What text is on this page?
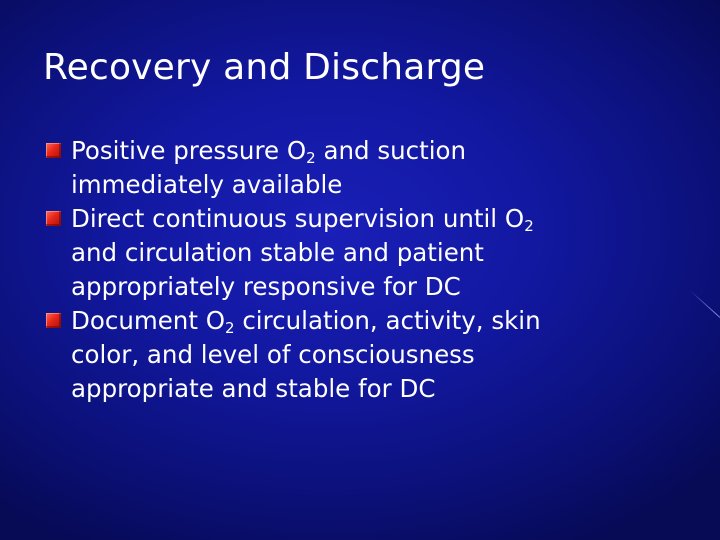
Recovery and Discharge
Positive pressure $O_2$ and suction
immediately available
Direct continuous supervision until $O_2$
and circulation stable and patient
appropriately responsive for DC
Document $O_2$ circulation, activity, skin
color, and level of consciousness
appropriate and stable for DC
